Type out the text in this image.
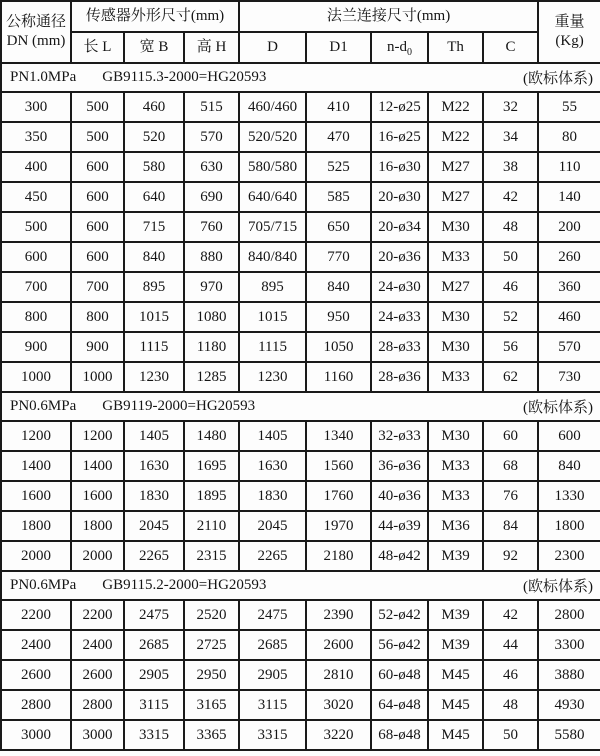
公称通径
DN (mm)
	传感器外形尺寸(mm)	法兰连接尺寸(mm)	重量
(Kg)

	长 L	宽 B	高 H	D	D1	$n-d_0$	Th	C	

PN1.0MPa GB9115.3-2000=HG20593 (欧标体系)									

300	500	460	515	460/460	410	12-ø25	M22	32	55
350	500	520	570	520/520	470	16-ø25	M22	34	80
400	600	580	630	580/580	525	16-ø30	M27	38	110
450	600	640	690	640/640	585	20-ø30	M27	42	140
500	600	715	760	705/715	650	20-ø34	M30	48	200
600	600	840	880	840/840	770	20-ø36	M33	50	260
700	700	895	970	895	840	24-ø30	M27	46	360
800	800	1015	1080	1015	950	24-ø33	M30	52	460
900	900	1115	1180	1115	1050	28-ø33	M30	56	570
1000	1000	1230	1285	1230	1160	28-ø36	M33	62	730

PN0.6MPa GB9119-2000=HG20593 (欧标体系)									

1200	1200	1405	1480	1405	1340	32-ø33	M30	60	600
1400	1400	1630	1695	1630	1560	36-ø36	M33	68	840
1600	1600	1830	1895	1830	1760	40-ø36	M33	76	1330
1800	1800	2045	2110	2045	1970	44-ø39	M36	84	1800
2000	2000	2265	2315	2265	2180	48-ø42	M39	92	2300

PN0.6MPa GB9115.2-2000=HG20593 (欧标体系)									

2200	2200	2475	2520	2475	2390	52-ø42	M39	42	2800
2400	2400	2685	2725	2685	2600	56-ø42	M39	44	3300
2600	2600	2905	2950	2905	2810	60-ø48	M45	46	3880
2800	2800	3115	3165	3115	3020	64-ø48	M45	48	4930
3000	3000	3315	3365	3315	3220	68-ø48	M45	50	5580
